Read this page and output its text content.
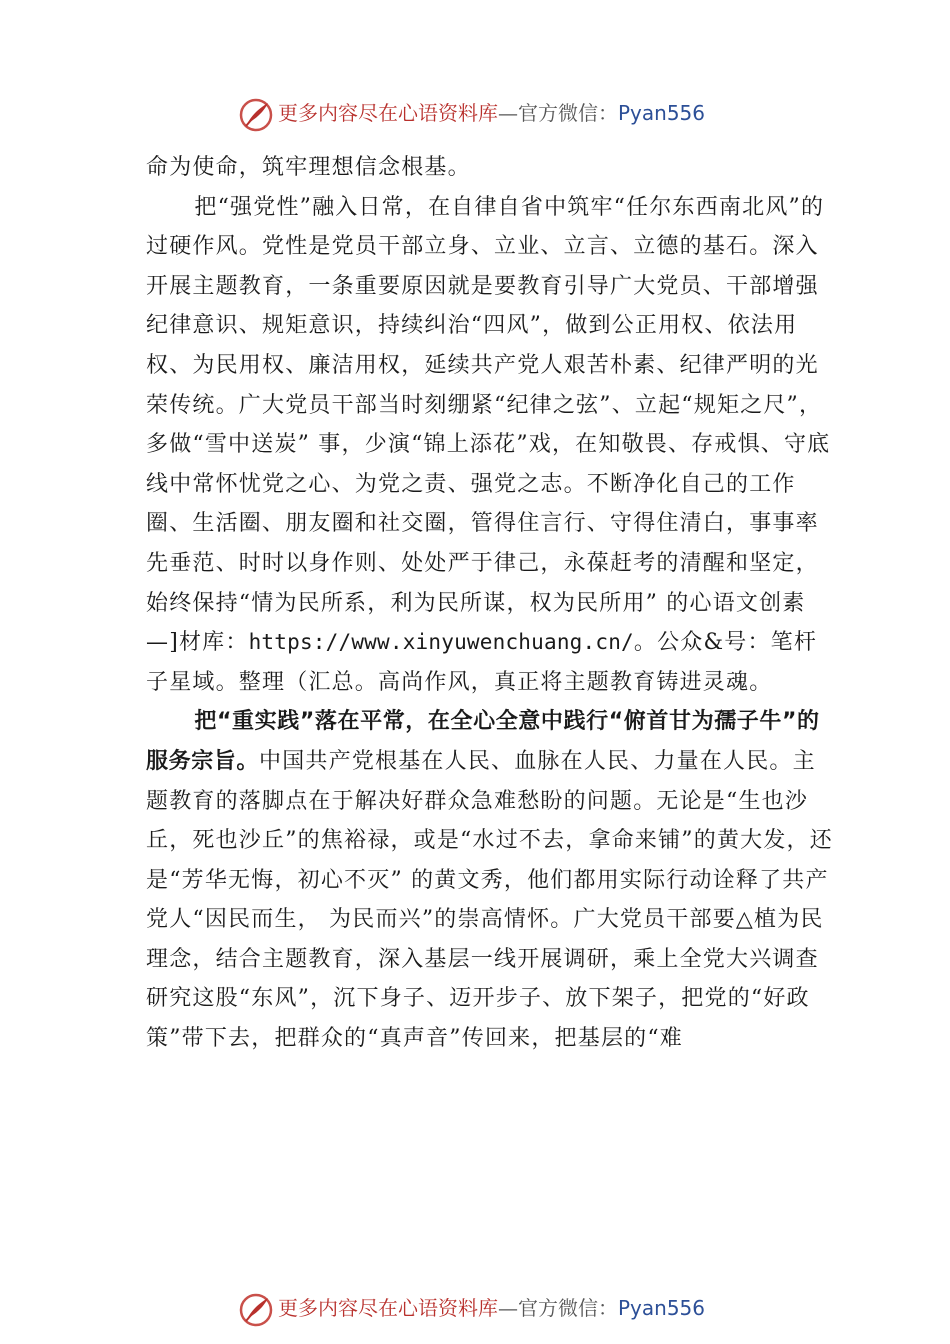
更多内容尽在心语资料库—官方微信：Pyan556

命为使命，筑牢理想信念根基。

把“强党性”融入日常，在自律自省中筑牢“任尔东西南北风”的过硬作风。党性是党员干部立身、立业、立言、立德的基石。深入开展主题教育，一条重要原因就是要教育引导广大党员、干部增强纪律意识、规矩意识，持续纠治“四风”，做到公正用权、依法用权、为民用权、廉洁用权，延续共产党人艰苦朴素、纪律严明的光荣传统。广大党员干部当时刻绷紧“纪律之弦”、立起“规矩之尺”，多做“雪中送炭” 事，少演“锦上添花”戏，在知敬畏、存戒惧、守底线中常怀忧党之心、为党之责、强党之志。不断净化自己的工作圈、生活圈、朋友圈和社交圈，管得住言行、守得住清白，事事率先垂范、时时以身作则、处处严于律己，永葆赶考的清醒和坚定，始终保持“情为民所系，利为民所谋，权为民所用” 的心语文创素—]材库：https://www.xinyuwenchuang.cn/。公众&号：笔杆子星域。整理（汇总。高尚作风，真正将主题教育铸进灵魂。

把“重实践”落在平常，在全心全意中践行“俯首甘为孺子牛”的服务宗旨。中国共产党根基在人民、血脉在人民、力量在人民。主题教育的落脚点在于解决好群众急难愁盼的问题。无论是“生也沙丘，死也沙丘”的焦裕禄，或是“水过不去，拿命来铺”的黄大发，还是“芳华无悔，初心不灭” 的黄文秀，他们都用实际行动诠释了共产党人“因民而生， 为民而兴”的崇高情怀。广大党员干部要△植为民理念，结合主题教育，深入基层一线开展调研，乘上全党大兴调查研究这股“东风”，沉下身子、迈开步子、放下架子，把党的“好政策”带下去，把群众的“真声音”传回来，把基层的“难

更多内容尽在心语资料库—官方微信：Pyan556
